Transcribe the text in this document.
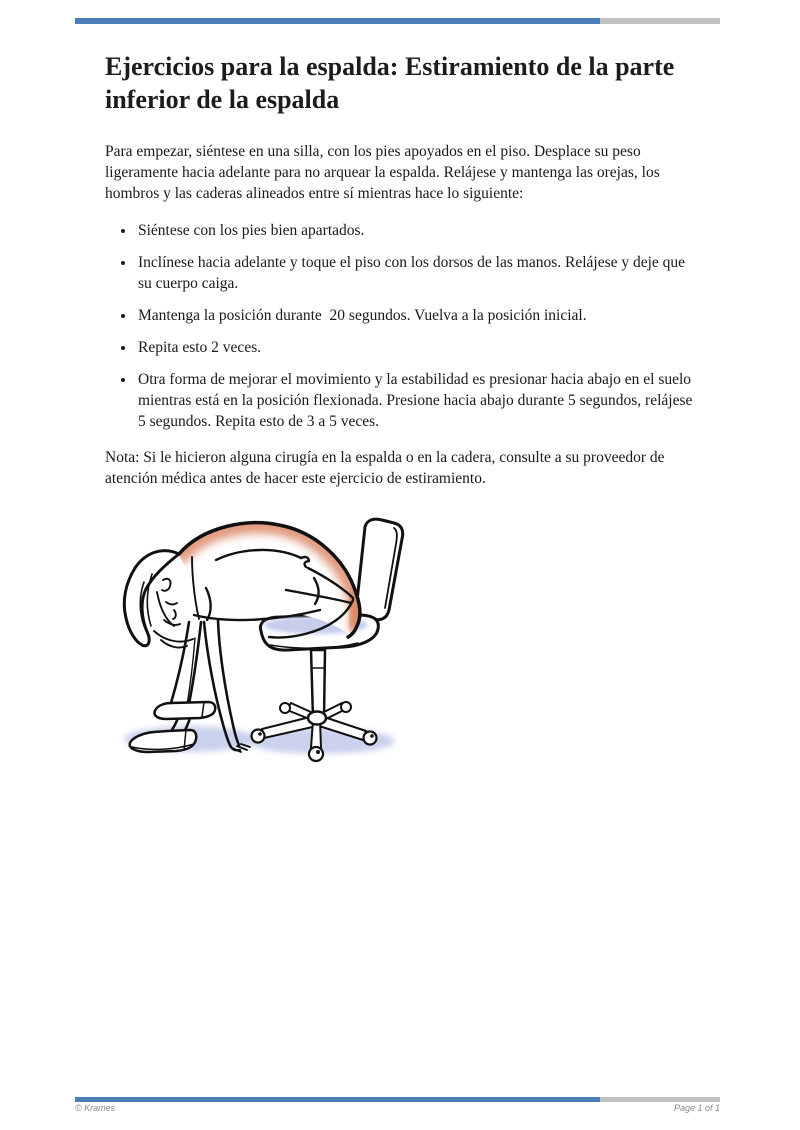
Ejercicios para la espalda: Estiramiento de la parte inferior de la espalda

Para empezar, siéntese en una silla, con los pies apoyados en el piso. Desplace su peso ligeramente hacia adelante para no arquear la espalda. Relájese y mantenga las orejas, los hombros y las caderas alineados entre sí mientras hace lo siguiente:

• Siéntese con los pies bien apartados.
• Inclínese hacia adelante y toque el piso con los dorsos de las manos. Relájese y deje que su cuerpo caiga.
• Mantenga la posición durante  20 segundos. Vuelva a la posición inicial.
• Repita esto 2 veces.
• Otra forma de mejorar el movimiento y la estabilidad es presionar hacia abajo en el suelo mientras está en la posición flexionada. Presione hacia abajo durante 5 segundos, relájese 5 segundos. Repita esto de 3 a 5 veces.

Nota: Si le hicieron alguna cirugía en la espalda o en la cadera, consulte a su proveedor de atención médica antes de hacer este ejercicio de estiramiento.

© Krames	Page 1 of 1
